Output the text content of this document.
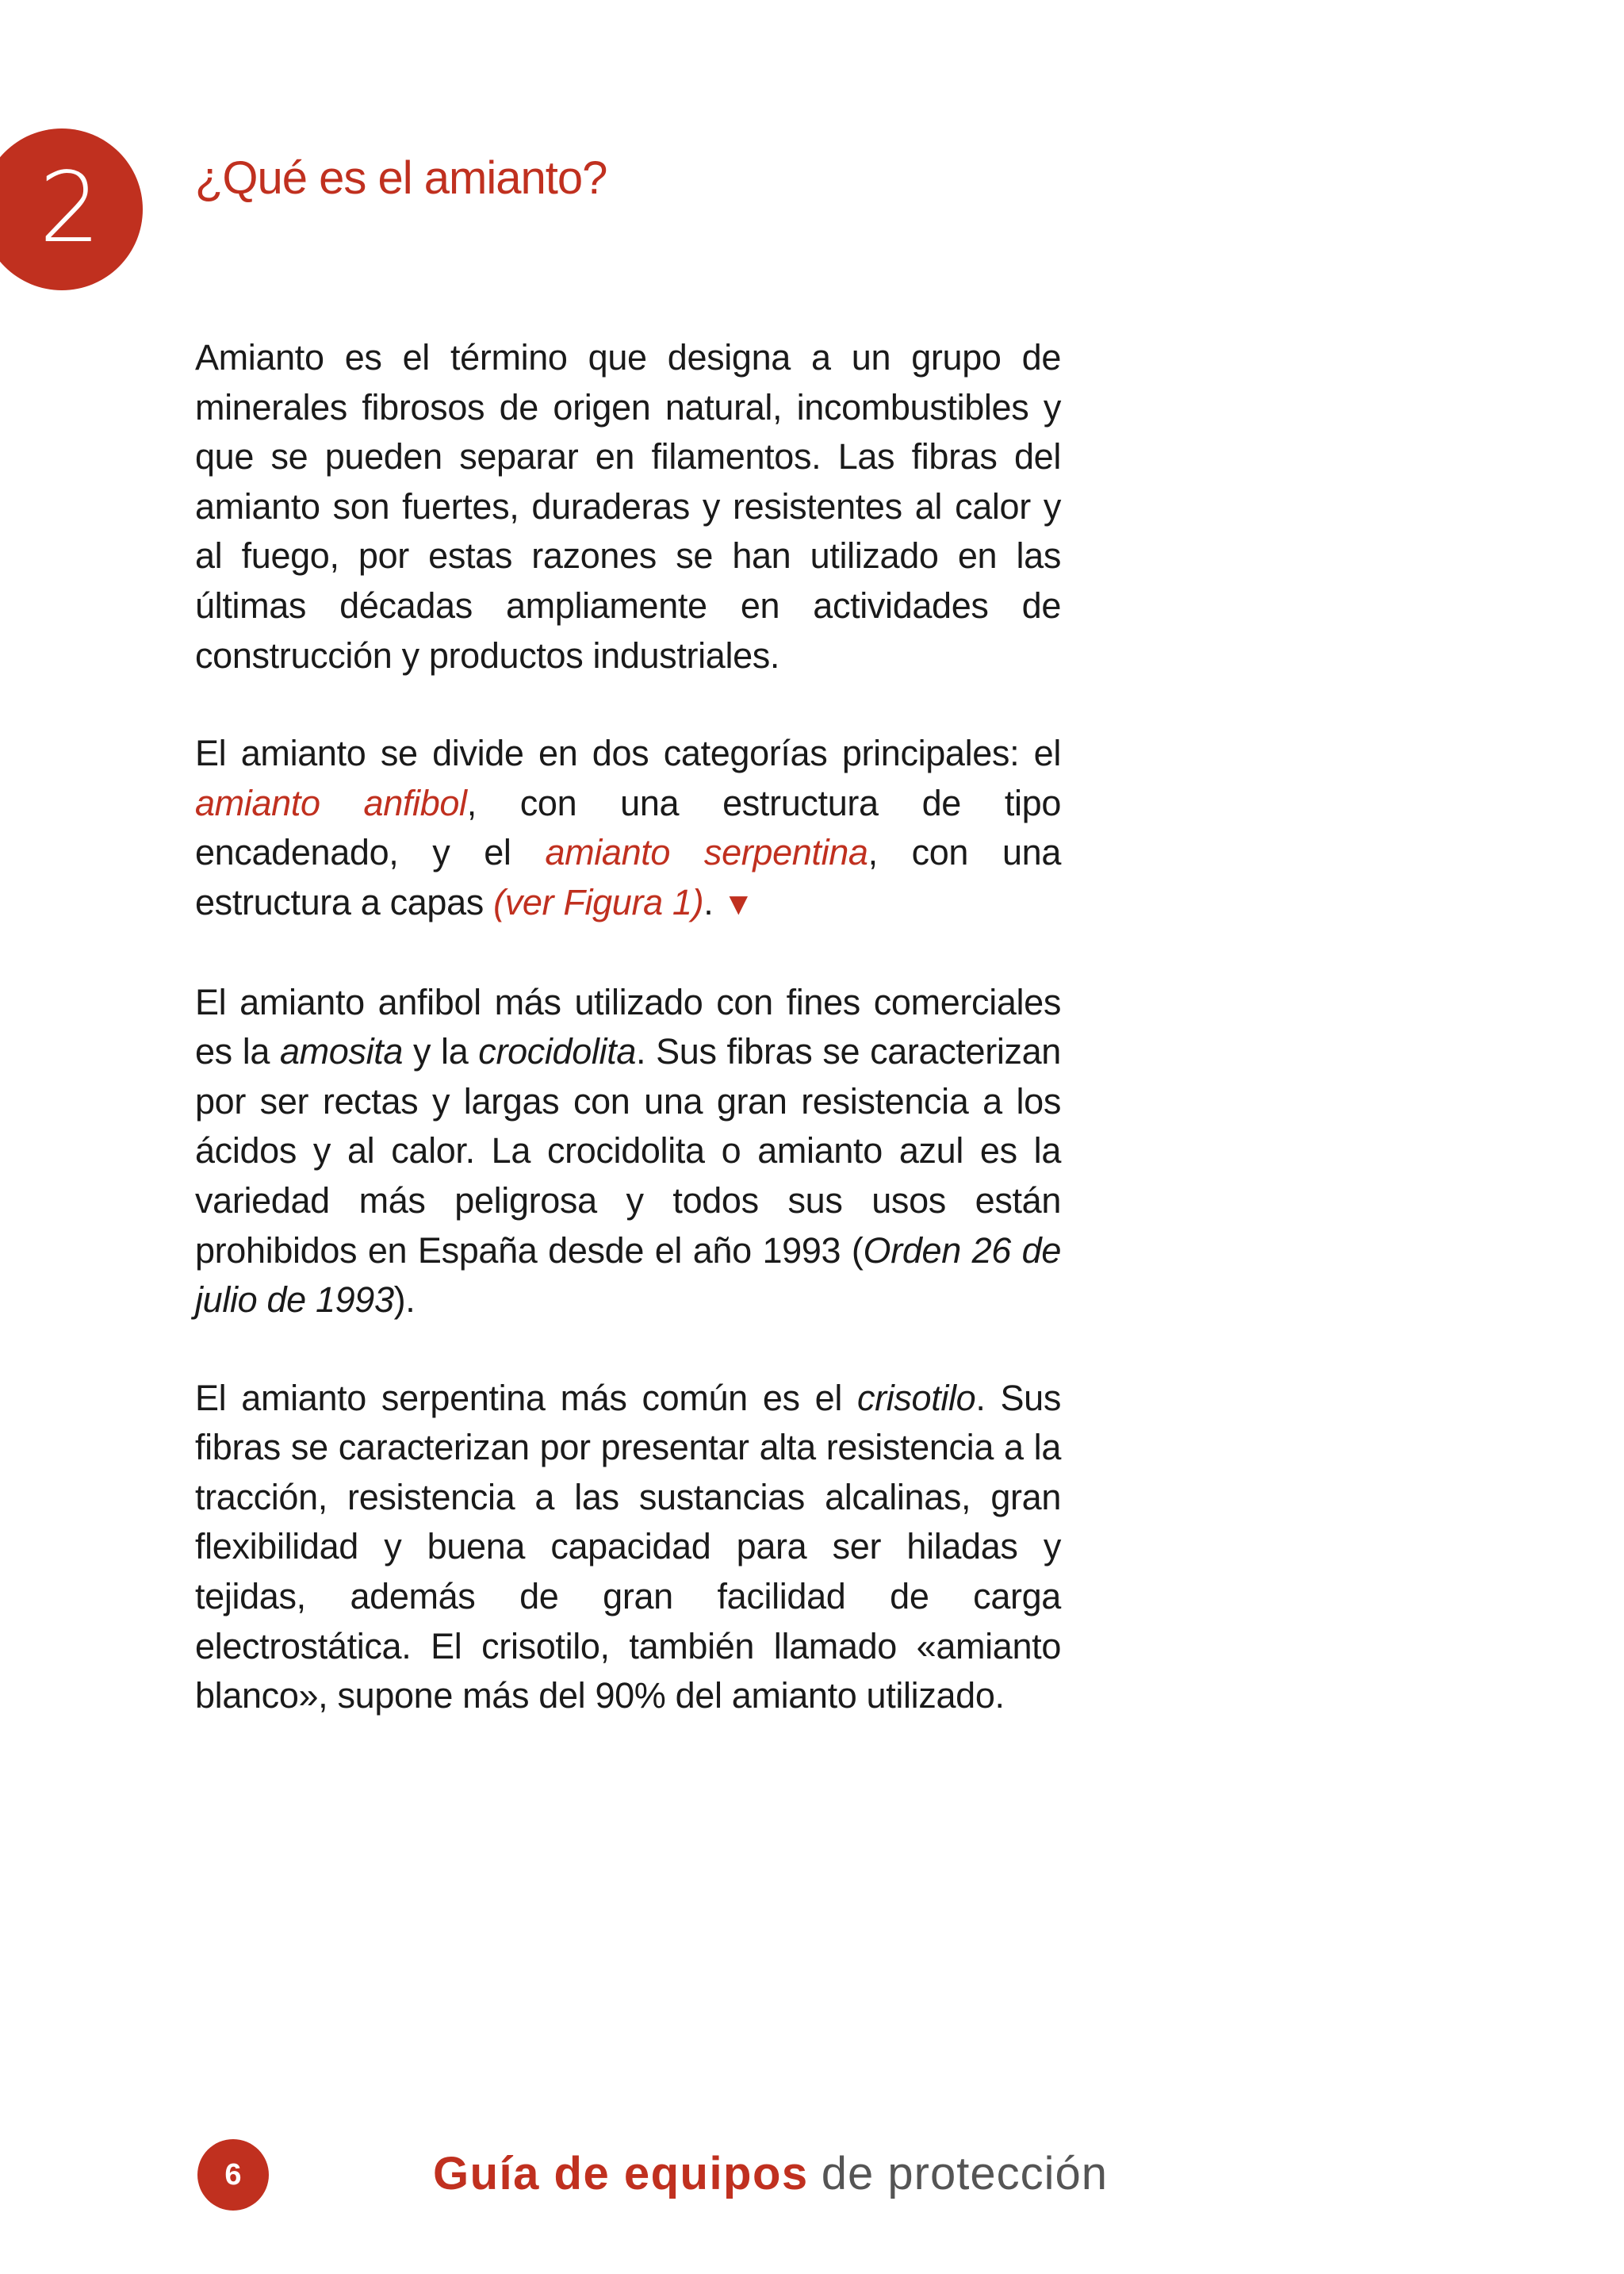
2 ¿Qué es el amianto?

Amianto es el término que designa a un grupo de minerales fibrosos de origen natural, incombustibles y que se pueden separar en filamentos. Las fibras del amianto son fuertes, duraderas y resistentes al calor y al fuego, por estas razones se han utilizado en las últimas décadas ampliamente en actividades de construcción y productos industriales.

El amianto se divide en dos categorías principales: el amianto anfibol, con una estructura de tipo encadenado, y el amianto serpentina, con una estructura a capas (ver Figura 1). ▼

El amianto anfibol más utilizado con fines comerciales es la amosita y la crocidolita. Sus fibras se caracterizan por ser rectas y largas con una gran resistencia a los ácidos y al calor. La crocidolita o amianto azul es la variedad más peligrosa y todos sus usos están prohibidos en España desde el año 1993 (Orden 26 de julio de 1993).

El amianto serpentina más común es el crisotilo. Sus fibras se caracterizan por presentar alta resistencia a la tracción, resistencia a las sustancias alcalinas, gran flexibilidad y buena capacidad para ser hiladas y tejidas, además de gran facilidad de carga electrostática. El crisotilo, también llamado «amianto blanco», supone más del 90% del amianto utilizado.

6	Guía de equipos de protección
